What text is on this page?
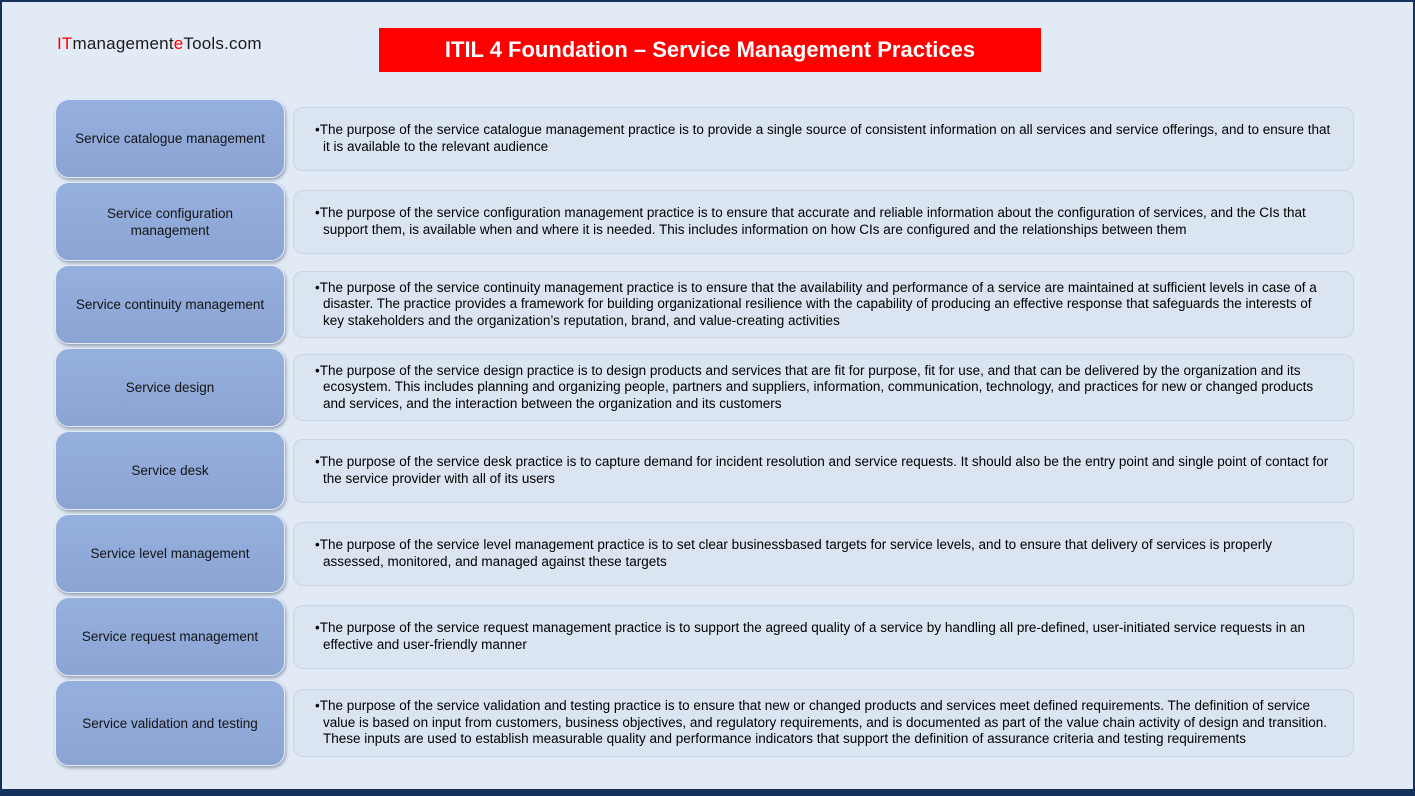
ITmanagementeTools.com	ITIL 4 Foundation – Service Management Practices
Service catalogue management
•The purpose of the service catalogue management practice is to provide a single source of consistent information on all services and service offerings, and to ensure that it is available to the relevant audience
Service configuration management
•The purpose of the service configuration management practice is to ensure that accurate and reliable information about the configuration of services, and the CIs that support them, is available when and where it is needed. This includes information on how CIs are configured and the relationships between them
Service continuity management
•The purpose of the service continuity management practice is to ensure that the availability and performance of a service are maintained at sufficient levels in case of a disaster. The practice provides a framework for building organizational resilience with the capability of producing an effective response that safeguards the interests of key stakeholders and the organization’s reputation, brand, and value-creating activities
Service design
•The purpose of the service design practice is to design products and services that are fit for purpose, fit for use, and that can be delivered by the organization and its ecosystem. This includes planning and organizing people, partners and suppliers, information, communication, technology, and practices for new or changed products and services, and the interaction between the organization and its customers
Service desk
•The purpose of the service desk practice is to capture demand for incident resolution and service requests. It should also be the entry point and single point of contact for the service provider with all of its users
Service level management
•The purpose of the service level management practice is to set clear businessbased targets for service levels, and to ensure that delivery of services is properly assessed, monitored, and managed against these targets
Service request management
•The purpose of the service request management practice is to support the agreed quality of a service by handling all pre-defined, user-initiated service requests in an effective and user-friendly manner
Service validation and testing
•The purpose of the service validation and testing practice is to ensure that new or changed products and services meet defined requirements. The definition of service value is based on input from customers, business objectives, and regulatory requirements, and is documented as part of the value chain activity of design and transition. These inputs are used to establish measurable quality and performance indicators that support the definition of assurance criteria and testing requirements
